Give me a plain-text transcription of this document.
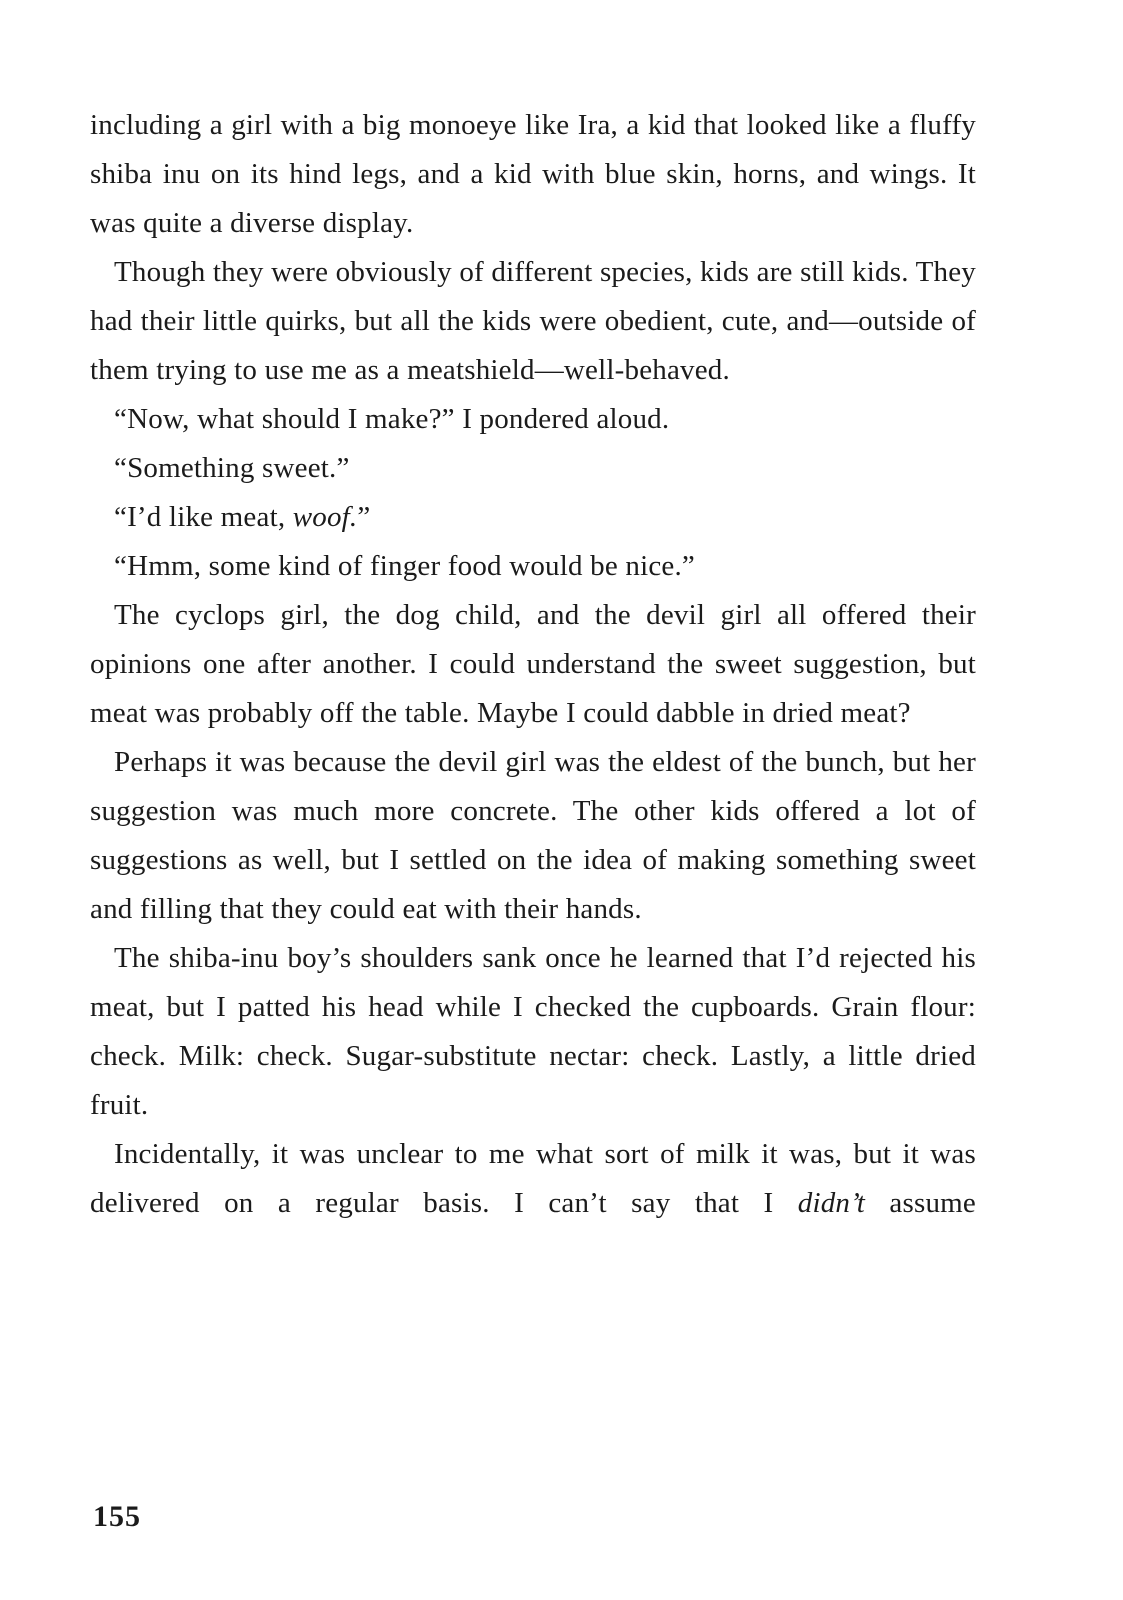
including a girl with a big monoeye like Ira, a kid that looked like a fluffy shiba inu on its hind legs, and a kid with blue skin, horns, and wings. It was quite a diverse display.

Though they were obviously of different species, kids are still kids. They had their little quirks, but all the kids were obedient, cute, and—outside of them trying to use me as a meatshield—well-behaved.

“Now, what should I make?” I pondered aloud.

“Something sweet.”

“I’d like meat, woof.”

“Hmm, some kind of finger food would be nice.”

The cyclops girl, the dog child, and the devil girl all offered their opinions one after another. I could understand the sweet suggestion, but meat was probably off the table. Maybe I could dabble in dried meat?

Perhaps it was because the devil girl was the eldest of the bunch, but her suggestion was much more concrete. The other kids offered a lot of suggestions as well, but I settled on the idea of making something sweet and filling that they could eat with their hands.

The shiba-inu boy’s shoulders sank once he learned that I’d rejected his meat, but I patted his head while I checked the cupboards. Grain flour: check. Milk: check. Sugar-substitute nectar: check. Lastly, a little dried fruit.

Incidentally, it was unclear to me what sort of milk it was, but it was delivered on a regular basis. I can’t say that I didn’t assume

155
